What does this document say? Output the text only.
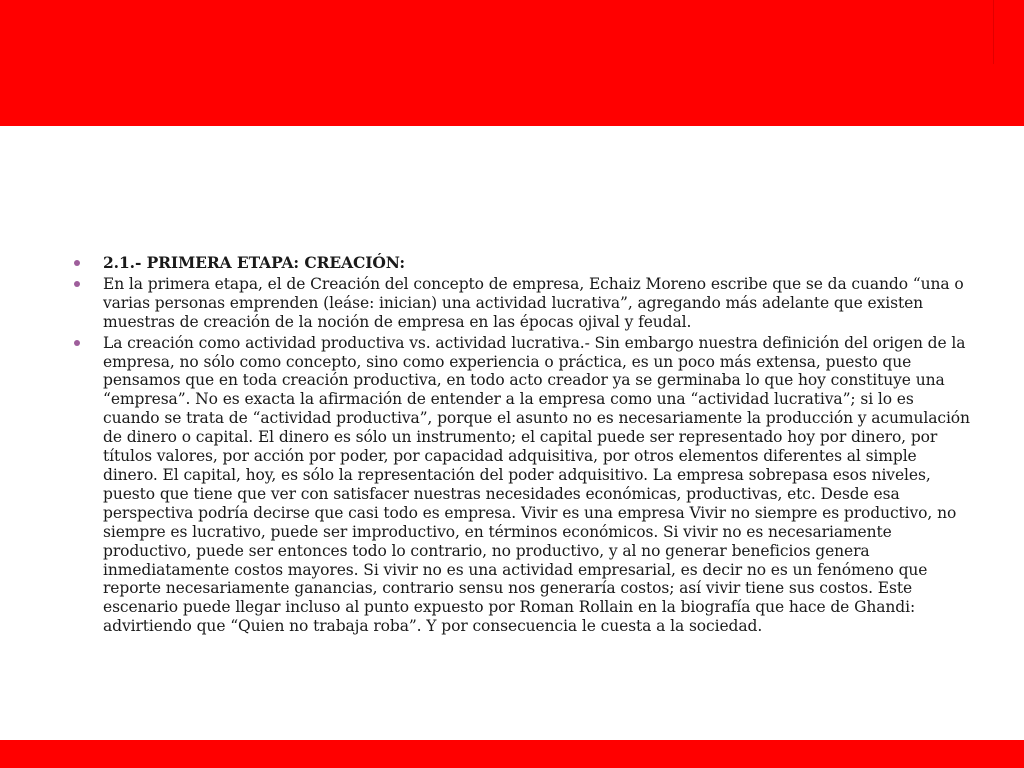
2.1.- PRIMERA ETAPA: CREACIÓN:
En la primera etapa, el de Creación del concepto de empresa, Echaiz Moreno escribe que se da cuando “una o varias personas emprenden (leáse: inician) una actividad lucrativa”, agregando más adelante que existen muestras de creación de la noción de empresa en las épocas ojival y feudal.
La creación como actividad productiva vs. actividad lucrativa.- Sin embargo nuestra definición del origen de la empresa, no sólo como concepto, sino como experiencia o práctica, es un poco más extensa, puesto que pensamos que en toda creación productiva, en todo acto creador ya se germinaba lo que hoy constituye una “empresa”. No es exacta la afirmación de entender a la empresa como una “actividad lucrativa”; si lo es cuando se trata de “actividad productiva”, porque el asunto no es necesariamente la producción y acumulación de dinero o capital. El dinero es sólo un instrumento; el capital puede ser representado hoy por dinero, por títulos valores, por acción por poder, por capacidad adquisitiva, por otros elementos diferentes al simple dinero. El capital, hoy, es sólo la representación del poder adquisitivo. La empresa sobrepasa esos niveles, puesto que tiene que ver con satisfacer nuestras necesidades económicas, productivas, etc. Desde esa perspectiva podría decirse que casi todo es empresa. Vivir es una empresa Vivir no siempre es productivo, no siempre es lucrativo, puede ser improductivo, en términos económicos. Si vivir no es necesariamente productivo, puede ser entonces todo lo contrario, no productivo, y al no generar beneficios genera inmediatamente costos mayores. Si vivir no es una actividad empresarial, es decir no es un fenómeno que reporte necesariamente ganancias, contrario sensu nos generaría costos; así vivir tiene sus costos. Este escenario puede llegar incluso al punto expuesto por Roman Rollain en la biografía que hace de Ghandi: advirtiendo que “Quien no trabaja roba”. Y por consecuencia le cuesta a la sociedad.
